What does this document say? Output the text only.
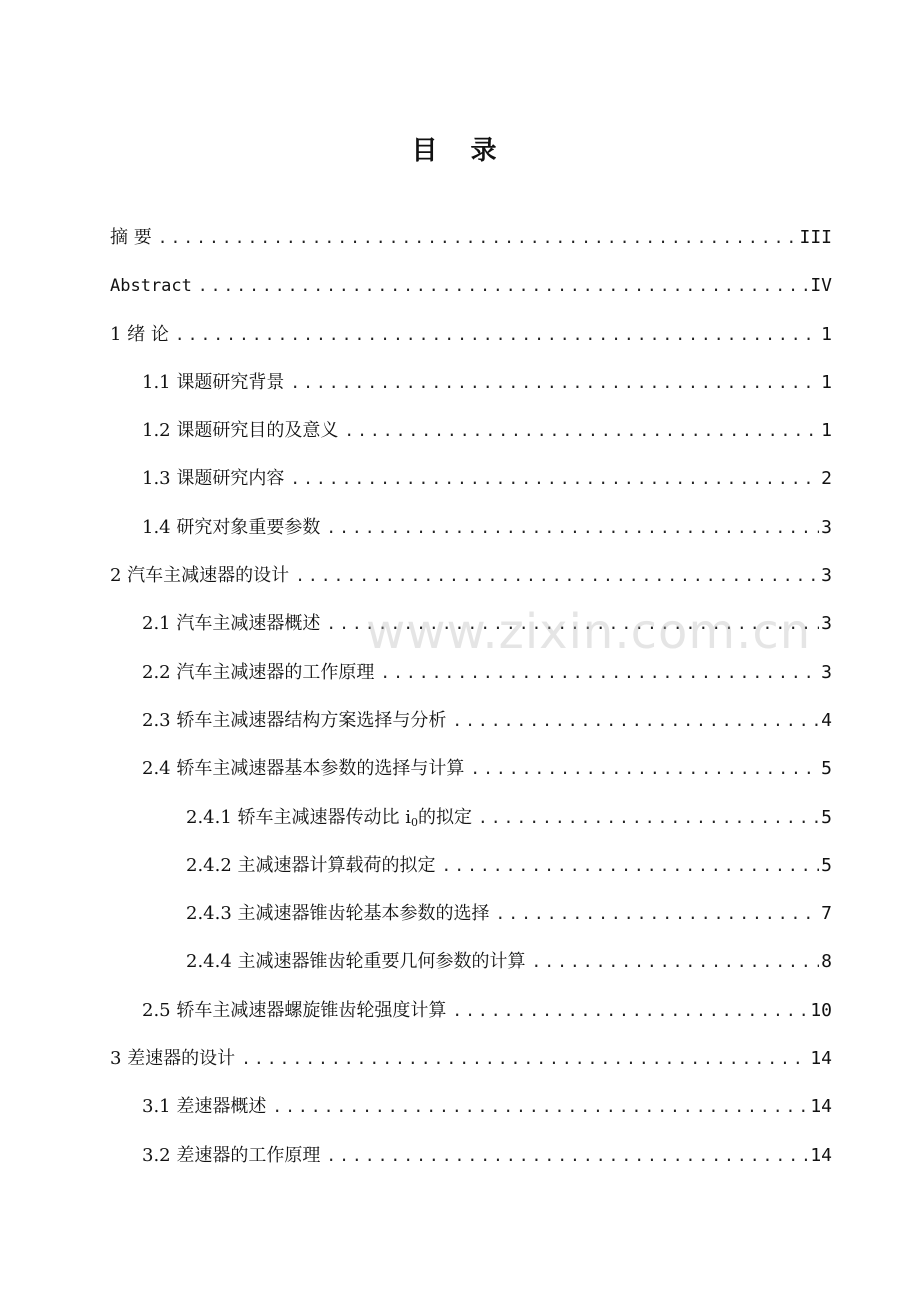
目 录
摘 要 .....	III
Abstract .....	IV
1 绪 论 .....	1
1.1 课题研究背景 .....	1
1.2 课题研究目的及意义 .....	1
1.3 课题研究内容 .....	2
1.4 研究对象重要参数 .....	3
2 汽车主减速器的设计 .....	3
2.1 汽车主减速器概述 .....	3
2.2 汽车主减速器的工作原理 .....	3
2.3 轿车主减速器结构方案选择与分析 .....	4
2.4 轿车主减速器基本参数的选择与计算 .....	5
2.4.1 轿车主减速器传动比 $i_0$的拟定 .....	5
2.4.2 主减速器计算载荷的拟定 .....	5
2.4.3 主减速器锥齿轮基本参数的选择 .....	7
2.4.4 主减速器锥齿轮重要几何参数的计算 .....	8
2.5 轿车主减速器螺旋锥齿轮强度计算 .....	10
3 差速器的设计 .....	14
3.1 差速器概述 .....	14
3.2 差速器的工作原理 .....	14
www.zixin.com.cn
